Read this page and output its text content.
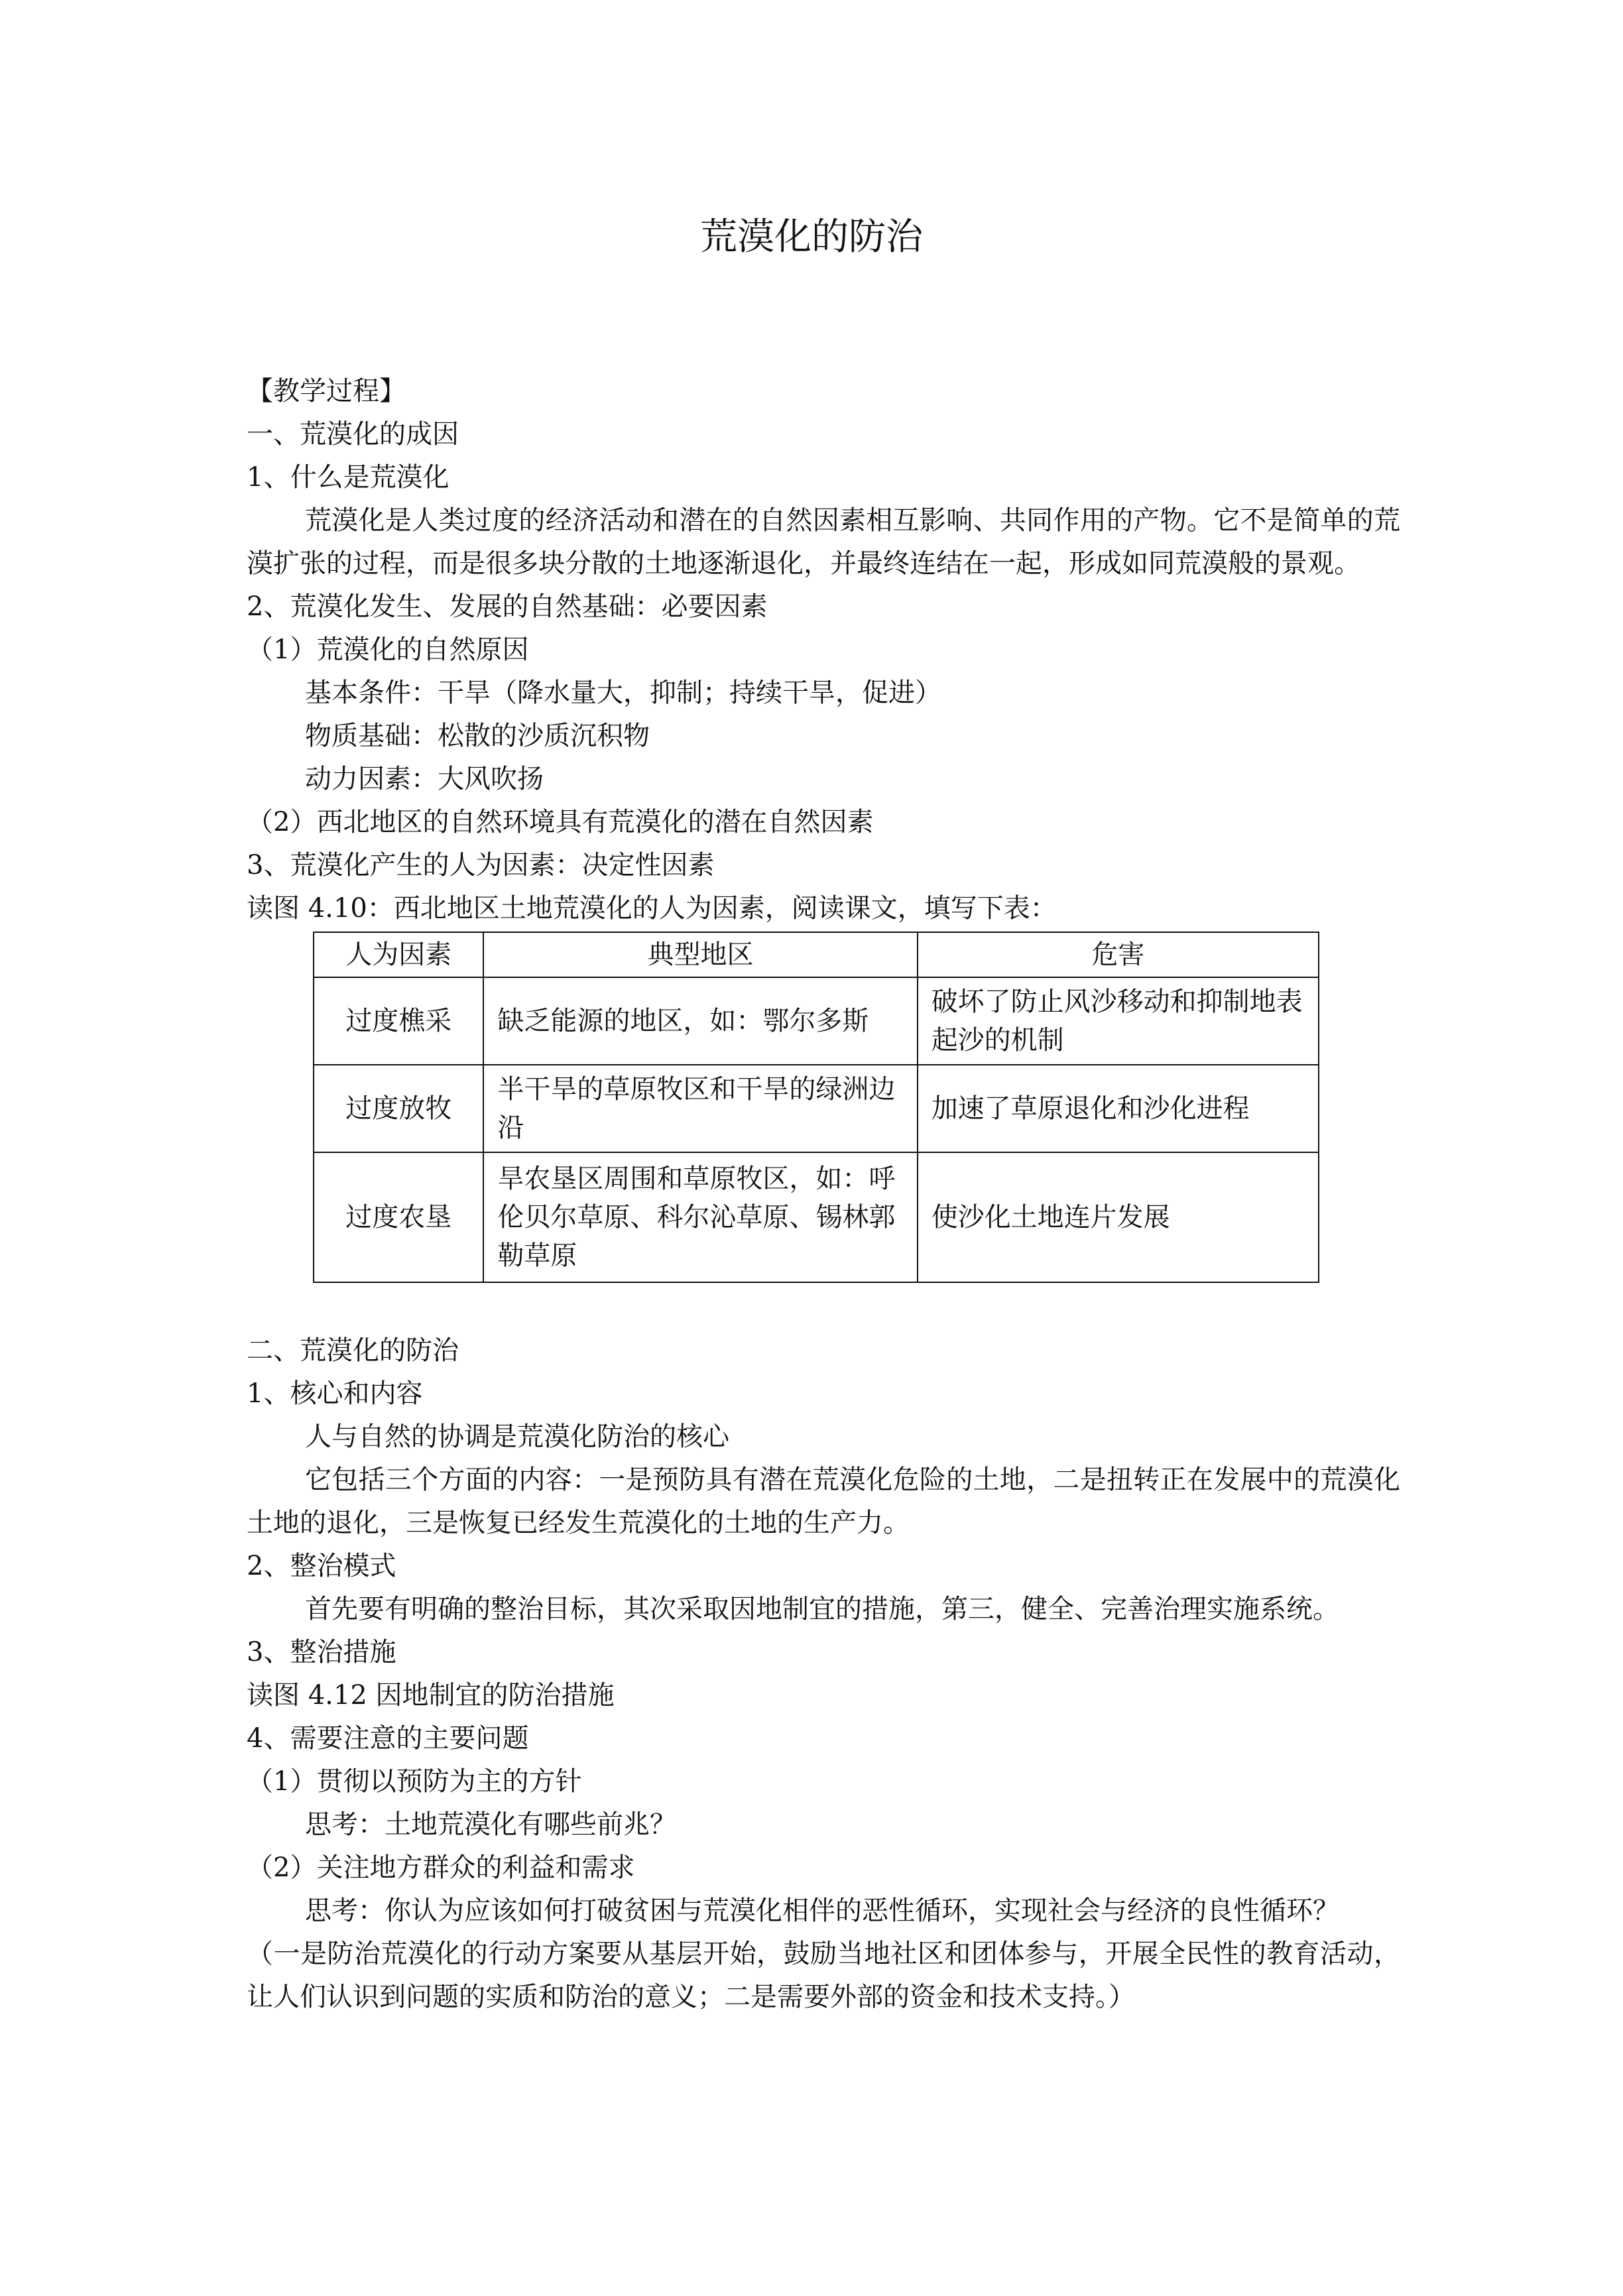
荒漠化的防治
【教学过程】
一、荒漠化的成因
1、什么是荒漠化
荒漠化是人类过度的经济活动和潜在的自然因素相互影响、共同作用的产物。它不是简单的荒漠扩张的过程，而是很多块分散的土地逐渐退化，并最终连结在一起，形成如同荒漠般的景观。
2、荒漠化发生、发展的自然基础：必要因素
（1）荒漠化的自然原因
基本条件：干旱（降水量大，抑制；持续干旱，促进）
物质基础：松散的沙质沉积物
动力因素：大风吹扬
（2）西北地区的自然环境具有荒漠化的潜在自然因素
3、荒漠化产生的人为因素：决定性因素
读图 4.10：西北地区土地荒漠化的人为因素，阅读课文，填写下表：
人为因素	典型地区	危害
过度樵采	缺乏能源的地区，如：鄂尔多斯	破坏了防止风沙移动和抑制地表起沙的机制
过度放牧	半干旱的草原牧区和干旱的绿洲边沿	加速了草原退化和沙化进程
过度农垦	旱农垦区周围和草原牧区，如：呼伦贝尔草原、科尔沁草原、锡林郭勒草原	使沙化土地连片发展
二、荒漠化的防治
1、核心和内容
人与自然的协调是荒漠化防治的核心
它包括三个方面的内容：一是预防具有潜在荒漠化危险的土地，二是扭转正在发展中的荒漠化土地的退化，三是恢复已经发生荒漠化的土地的生产力。
2、整治模式
首先要有明确的整治目标，其次采取因地制宜的措施，第三，健全、完善治理实施系统。
3、整治措施
读图 4.12 因地制宜的防治措施
4、需要注意的主要问题
（1）贯彻以预防为主的方针
思考：土地荒漠化有哪些前兆？
（2）关注地方群众的利益和需求
思考：你认为应该如何打破贫困与荒漠化相伴的恶性循环，实现社会与经济的良性循环？
（一是防治荒漠化的行动方案要从基层开始，鼓励当地社区和团体参与，开展全民性的教育活动，让人们认识到问题的实质和防治的意义；二是需要外部的资金和技术支持。）
